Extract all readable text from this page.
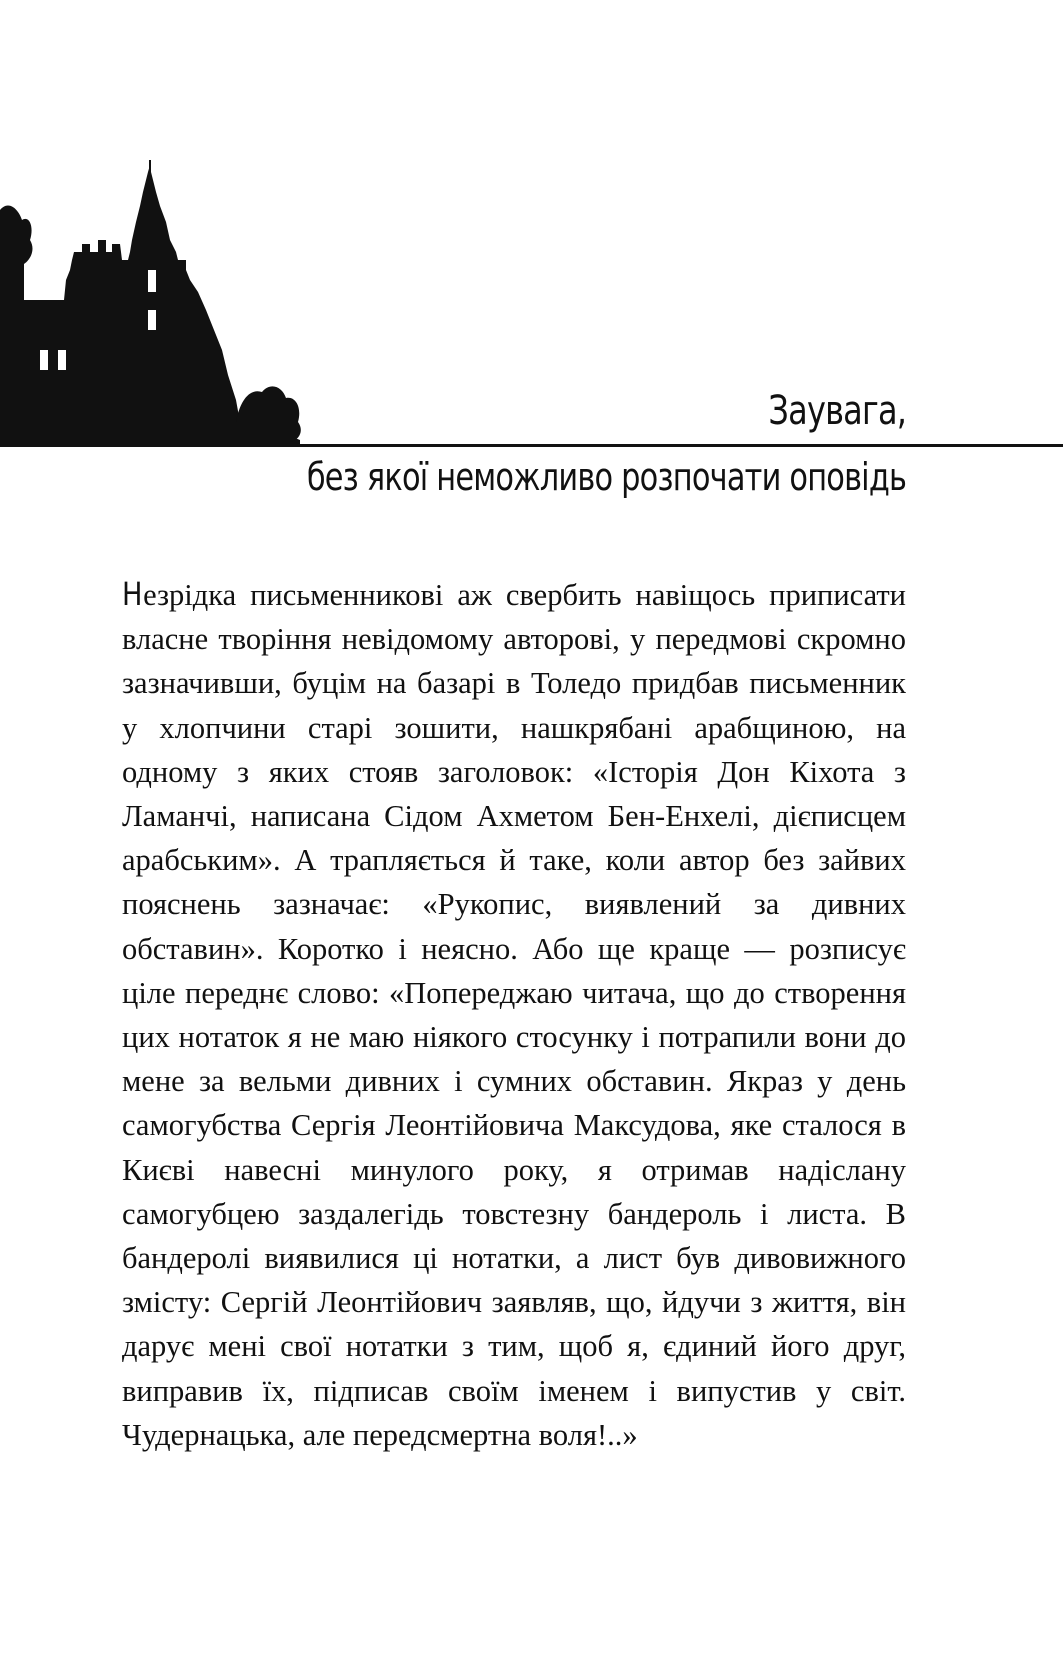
Заувага,
без якої неможливо розпочати оповідь

Незрідка письменникові аж свербить навіщось приписати власне творіння невідомому авторові, у передмові скромно зазначивши, буцім на базарі в Толедо придбав письменник у хлопчини старі зошити, нашкрябані арабщиною, на одному з яких стояв заголовок: «Історія Дон Кіхота з Ламанчі, написана Сідом Ахметом Бен-Енхелі, дієписцем арабським». А трапляється й таке, коли автор без зайвих пояснень зазначає: «Рукопис, виявлений за дивних обставин». Коротко і неясно. Або ще краще — розписує ціле переднє слово: «Попереджаю читача, що до створення цих нотаток я не маю ніякого стосунку і потрапили вони до мене за вельми дивних і сумних обставин. Якраз у день самогубства Сергія Леонтійовича Максудова, яке сталося в Києві навесні минулого року, я отримав надіслану самогубцею заздалегідь товстезну бандероль і листа. В бандеролі виявилися ці нотатки, а лист був дивовижного змісту: Сергій Леонтійович заявляв, що, йдучи з життя, він дарує мені свої нотатки з тим, щоб я, єдиний його друг, виправив їх, підписав своїм іменем і випустив у світ. Чудернацька, але передсмертна воля!..»
